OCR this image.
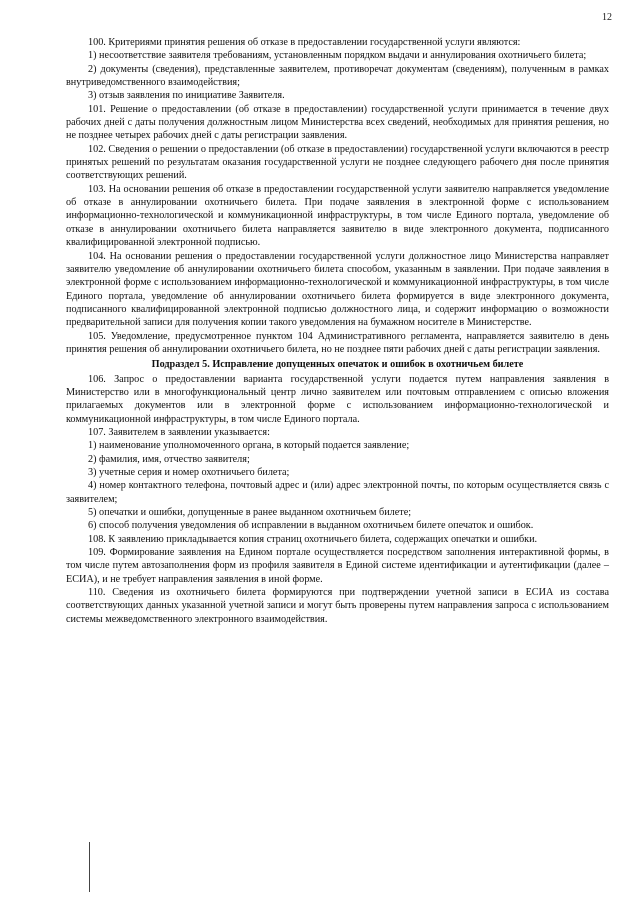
12

100. Критериями принятия решения об отказе в предоставлении государственной услуги являются:

1) несоответствие заявителя требованиям, установленным порядком выдачи и аннулирования охотничьего билета;

2) документы (сведения), представленные заявителем, противоречат документам (сведениям), полученным в рамках внутриведомственного взаимодействия;

3) отзыв заявления по инициативе Заявителя.

101. Решение о предоставлении (об отказе в предоставлении) государственной услуги принимается в течение двух рабочих дней с даты получения должностным лицом Министерства всех сведений, необходимых для принятия решения, но не позднее четырех рабочих дней с даты регистрации заявления.

102. Сведения о решении о предоставлении (об отказе в предоставлении) государственной услуги включаются в реестр принятых решений по результатам оказания государственной услуги не позднее следующего рабочего дня после принятия соответствующих решений.

103. На основании решения об отказе в предоставлении государственной услуги заявителю направляется уведомление об отказе в аннулировании охотничьего билета. При подаче заявления в электронной форме с использованием информационно-технологической и коммуникационной инфраструктуры, в том числе Единого портала, уведомление об отказе в аннулировании охотничьего билета направляется заявителю в виде электронного документа, подписанного квалифицированной электронной подписью.

104. На основании решения о предоставлении государственной услуги должностное лицо Министерства направляет заявителю уведомление об аннулировании охотничьего билета способом, указанным в заявлении. При подаче заявления в электронной форме с использованием информационно-технологической и коммуникационной инфраструктуры, в том числе Единого портала, уведомление об аннулировании охотничьего билета формируется в виде электронного документа, подписанного квалифицированной электронной подписью должностного лица, и содержит информацию о возможности предварительной записи для получения копии такого уведомления на бумажном носителе в Министерстве.

105. Уведомление, предусмотренное пунктом 104 Административного регламента, направляется заявителю в день принятия решения об аннулировании охотничьего билета, но не позднее пяти рабочих дней с даты регистрации заявления.

Подраздел 5. Исправление допущенных опечаток и ошибок в охотничьем билете

106. Запрос о предоставлении варианта государственной услуги подается путем направления заявления в Министерство или в многофункциональный центр лично заявителем или почтовым отправлением с описью вложения прилагаемых документов или в электронной форме с использованием информационно-технологической и коммуникационной инфраструктуры, в том числе Единого портала.

107. Заявителем в заявлении указывается:

1) наименование уполномоченного органа, в который подается заявление;

2) фамилия, имя, отчество заявителя;

3) учетные серия и номер охотничьего билета;

4) номер контактного телефона, почтовый адрес и (или) адрес электронной почты, по которым осуществляется связь с заявителем;

5) опечатки и ошибки, допущенные в ранее выданном охотничьем билете;

6) способ получения уведомления об исправлении в выданном охотничьем билете опечаток и ошибок.

108. К заявлению прикладывается копия страниц охотничьего билета, содержащих опечатки и ошибки.

109. Формирование заявления на Едином портале осуществляется посредством заполнения интерактивной формы, в том числе путем автозаполнения форм из профиля заявителя в Единой системе идентификации и аутентификации (далее – ЕСИА), и не требует направления заявления в иной форме.

110. Сведения из охотничьего билета формируются при подтверждении учетной записи в ЕСИА из состава соответствующих данных указанной учетной записи и могут быть проверены путем направления запроса с использованием системы межведомственного электронного взаимодействия.
